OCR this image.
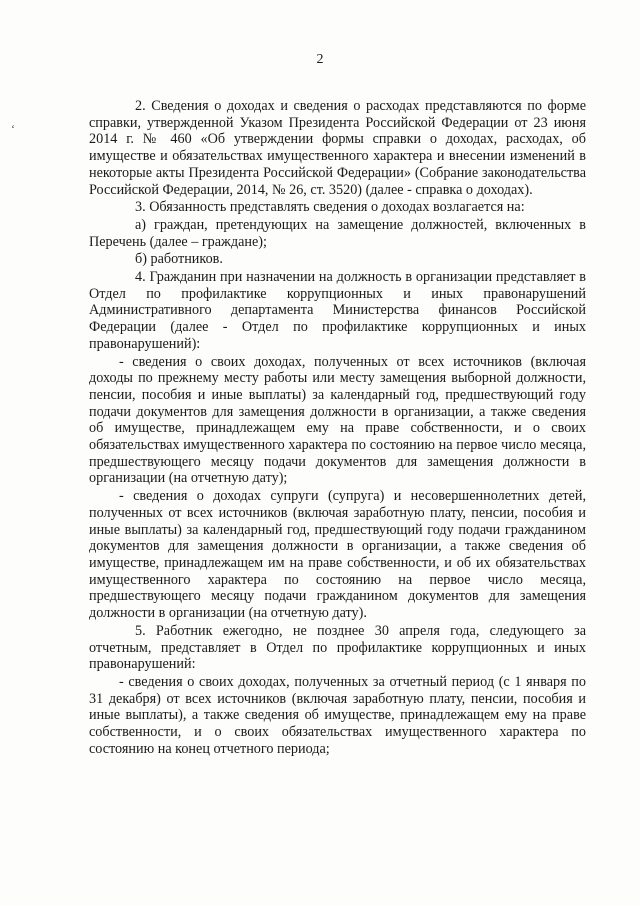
2
‘

2. Сведения о доходах и сведения о расходах представляются по форме справки, утвержденной Указом Президента Российской Федерации от 23 июня 2014 г. № 460 «Об утверждении формы справки о доходах, расходах, об имуществе и обязательствах имущественного характера и внесении изменений в некоторые акты Президента Российской Федерации» (Собрание законодательства Российской Федерации, 2014, № 26, ст. 3520) (далее - справка о доходах).

3. Обязанность представлять сведения о доходах возлагается на:

а) граждан, претендующих на замещение должностей, включенных в Перечень (далее – граждане);

б) работников.

4. Гражданин при назначении на должность в организации представляет в Отдел по профилактике коррупционных и иных правонарушений Административного департамента Министерства финансов Российской Федерации (далее - Отдел по профилактике коррупционных и иных правонарушений):

- сведения о своих доходах, полученных от всех источников (включая доходы по прежнему месту работы или месту замещения выборной должности, пенсии, пособия и иные выплаты) за календарный год, предшествующий году подачи документов для замещения должности в организации, а также сведения об имуществе, принадлежащем ему на праве собственности, и о своих обязательствах имущественного характера по состоянию на первое число месяца, предшествующего месяцу подачи документов для замещения должности в организации (на отчетную дату);

- сведения о доходах супруги (супруга) и несовершеннолетних детей, полученных от всех источников (включая заработную плату, пенсии, пособия и иные выплаты) за календарный год, предшествующий году подачи гражданином документов для замещения должности в организации, а также сведения об имуществе, принадлежащем им на праве собственности, и об их обязательствах имущественного характера по состоянию на первое число месяца, предшествующего месяцу подачи гражданином документов для замещения должности в организации (на отчетную дату).

5. Работник ежегодно, не позднее 30 апреля года, следующего за отчетным, представляет в Отдел по профилактике коррупционных и иных правонарушений:

- сведения о своих доходах, полученных за отчетный период (с 1 января по 31 декабря) от всех источников (включая заработную плату, пенсии, пособия и иные выплаты), а также сведения об имуществе, принадлежащем ему на праве собственности, и о своих обязательствах имущественного характера по состоянию на конец отчетного периода;
